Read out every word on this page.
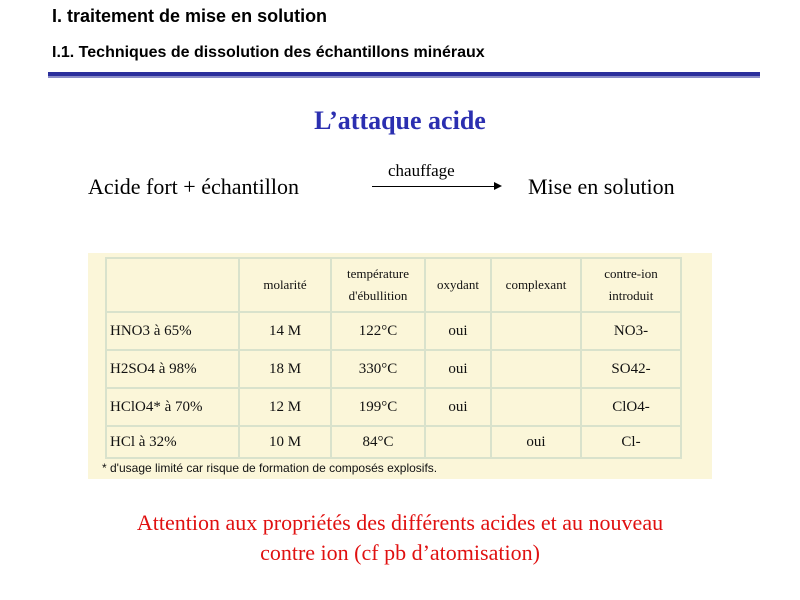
I. traitement de mise en solution
I.1. Techniques de dissolution des échantillons minéraux
L’attaque acide
Acide fort + échantillon
chauffage
Mise en solution
	molarité	température d'ébullition	oxydant	complexant	contre-ion introduit

HNO3 à 65%	14 M	122°C	oui		NO3-
H2SO4 à 98%	18 M	330°C	oui		SO42-
HClO4* à 70%	12 M	199°C	oui		ClO4-
HCl à 32%	10 M	84°C		oui	Cl-
* d'usage limité car risque de formation de composés explosifs.
Attention aux propriétés des différents acides et au nouveau
contre ion (cf pb d’atomisation)
